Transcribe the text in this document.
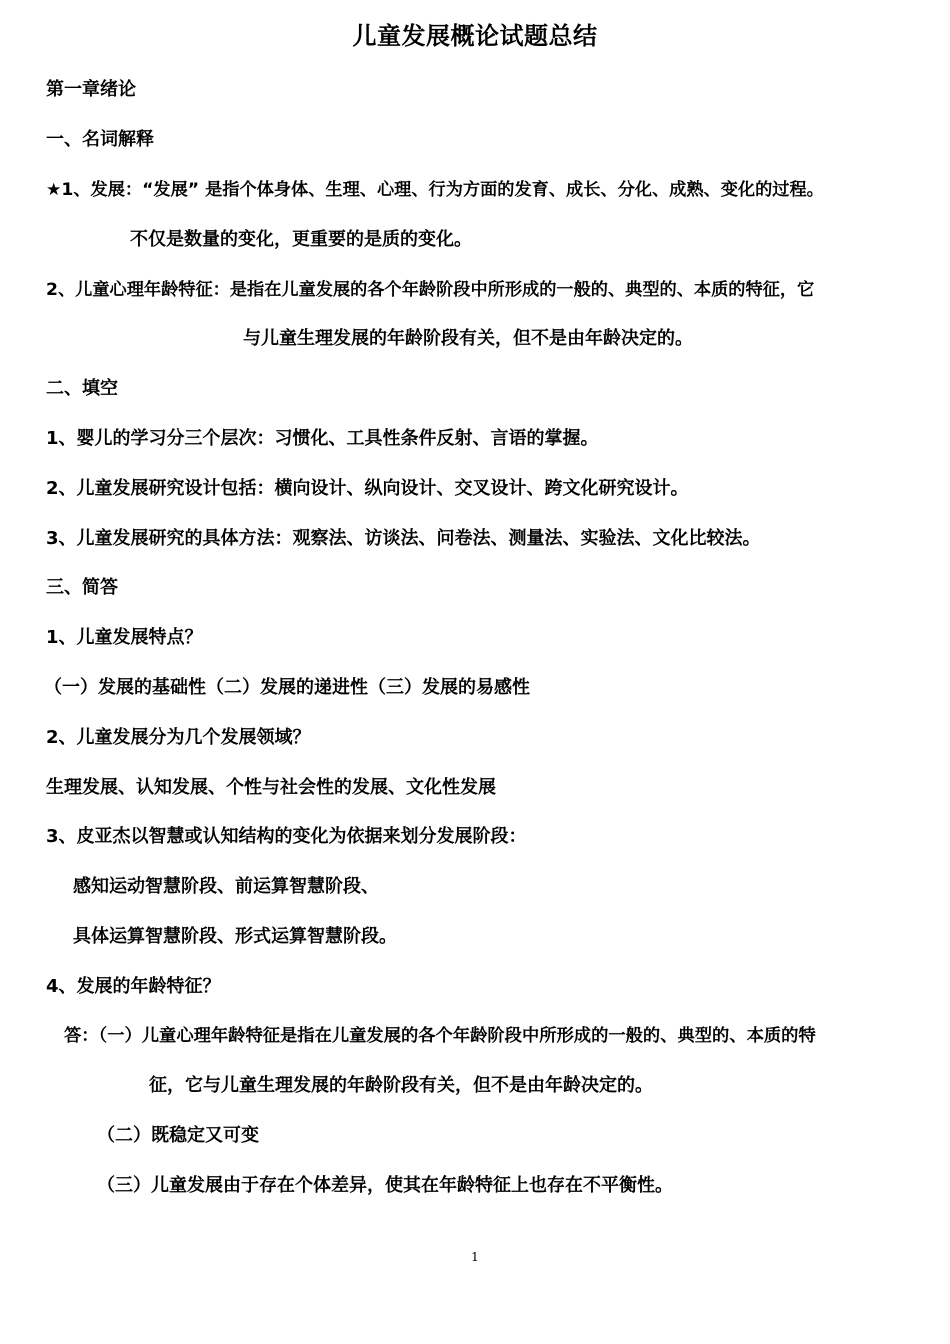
儿童发展概论试题总结
第一章绪论
一、名词解释
★1、发展：“发展” 是指个体身体、生理、心理、行为方面的发育、成长、分化、成熟、变化的过程。
不仅是数量的变化，更重要的是质的变化。
2、儿童心理年龄特征：是指在儿童发展的各个年龄阶段中所形成的一般的、典型的、本质的特征，它
与儿童生理发展的年龄阶段有关，但不是由年龄决定的。
二、填空
1、婴儿的学习分三个层次：习惯化、工具性条件反射、言语的掌握。
2、儿童发展研究设计包括：横向设计、纵向设计、交叉设计、跨文化研究设计。
3、儿童发展研究的具体方法：观察法、访谈法、问卷法、测量法、实验法、文化比较法。
三、简答
1、儿童发展特点？
（一）发展的基础性（二）发展的递进性（三）发展的易感性
2、儿童发展分为几个发展领域？
生理发展、认知发展、个性与社会性的发展、文化性发展
3、皮亚杰以智慧或认知结构的变化为依据来划分发展阶段：
感知运动智慧阶段、前运算智慧阶段、
具体运算智慧阶段、形式运算智慧阶段。
4、发展的年龄特征？
答：（一）儿童心理年龄特征是指在儿童发展的各个年龄阶段中所形成的一般的、典型的、本质的特
征，它与儿童生理发展的年龄阶段有关，但不是由年龄决定的。
（二）既稳定又可变
（三）儿童发展由于存在个体差异，使其在年龄特征上也存在不平衡性。
1
